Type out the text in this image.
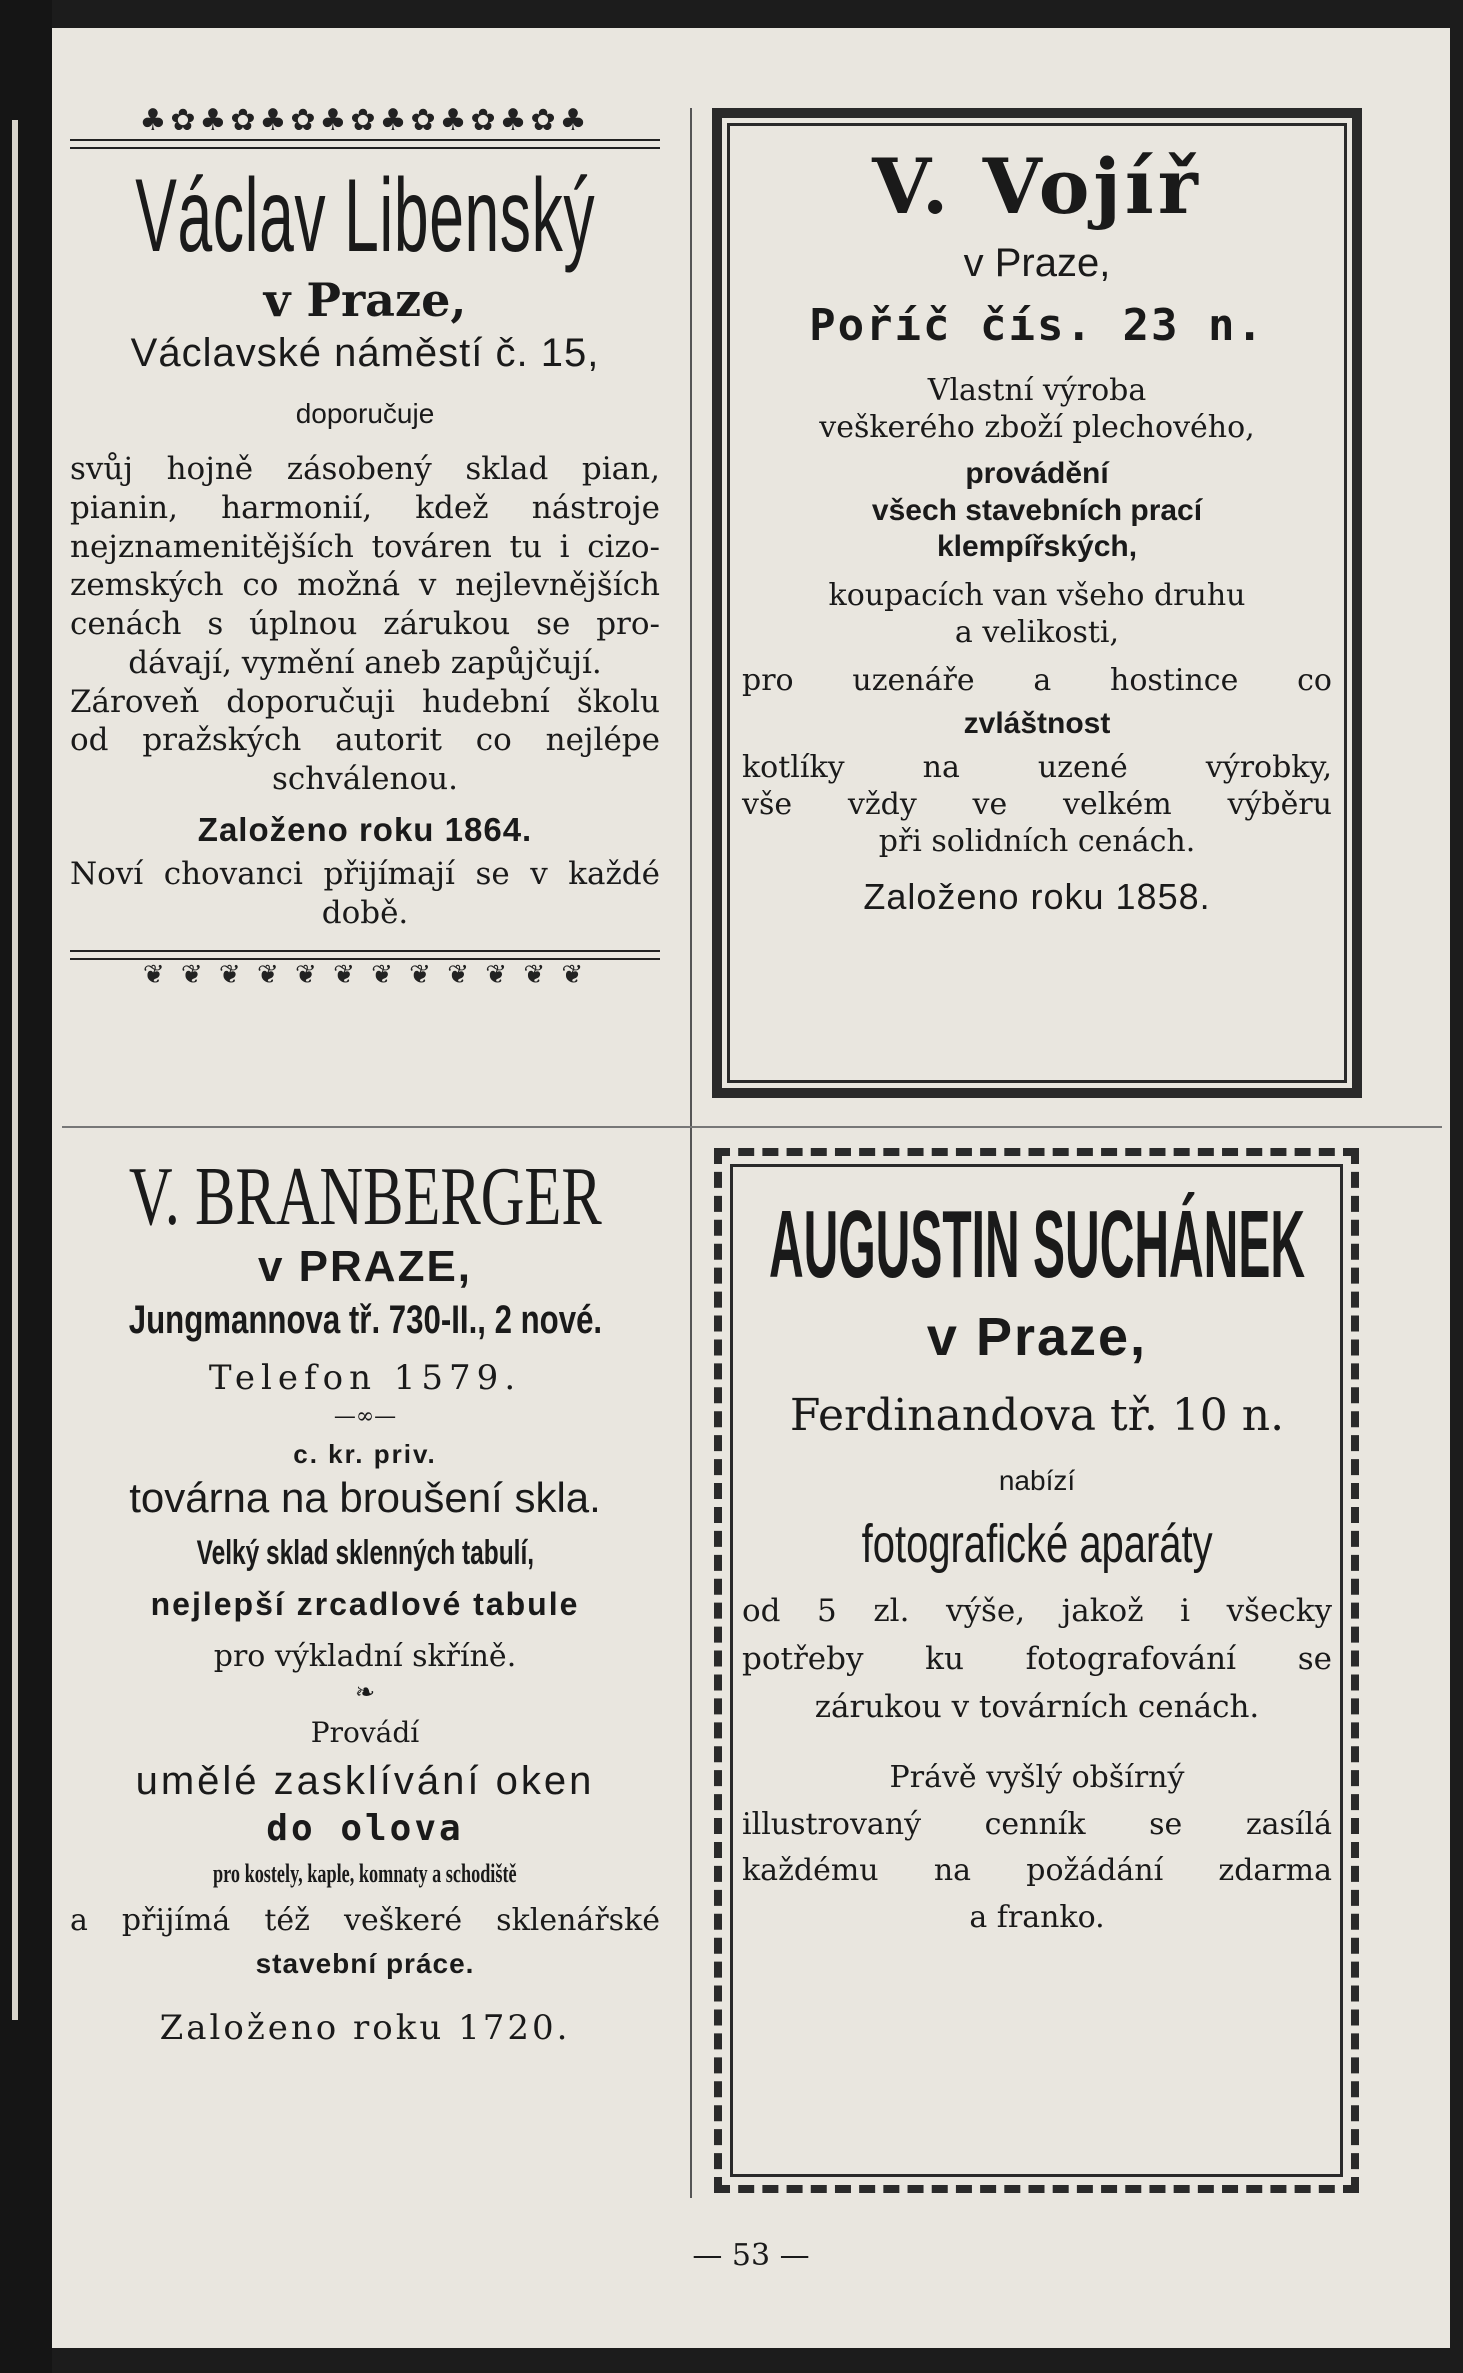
♣✿♣✿♣✿♣✿♣✿♣✿♣✿♣
Václav Libenský
v Praze,
Václavské náměstí č. 15,
doporučuje
svůj hojně zásobený sklad pian,
pianin, harmonií, kdež nástroje
nejznamenitějších továren tu i cizo-
zemských co možná v nejlevnějších
cenách s úplnou zárukou se pro-
dávají, vymění aneb zapůjčují.
Zároveň doporučuji hudební školu
od pražských autorit co nejlépe
schválenou.
Založeno roku 1864.
Noví chovanci přijímají se v každé
době.
❦ ❦ ❦ ❦ ❦ ❦ ❦ ❦ ❦ ❦ ❦ ❦
V. Vojíř
v Praze,
Poříč čís. 23 n.
Vlastní výroba
veškerého zboží plechového,
provádění
všech stavebních prací
klempířských,
koupacích van všeho druhu
a velikosti,
pro uzenáře a hostince co
zvláštnost
kotlíky na uzené výrobky,
vše vždy ve velkém výběru
při solidních cenách.
Založeno roku 1858.
V. BRANBERGER
v PRAZE,
Jungmannova tř. 730-II., 2 nové.
Telefon 1579.
—∞—
c. kr. priv.
továrna na broušení skla.
Velký sklad sklenných tabulí,
nejlepší zrcadlové tabule
pro výkladní skříně.
❧
Provádí
umělé zasklívání oken
do olova
pro kostely, kaple, komnaty a schodiště
a přijímá též veškeré sklenářské
stavební práce.
Založeno roku 1720.
AUGUSTIN SUCHÁNEK
v Praze,
Ferdinandova tř. 10 n.
nabízí
fotografické aparáty
od 5 zl. výše, jakož i všecky
potřeby ku fotografování se
zárukou v továrních cenách.
Právě vyšlý obšírný
illustrovaný cenník se zasílá
každému na požádání zdarma
a franko.
— 53 —
